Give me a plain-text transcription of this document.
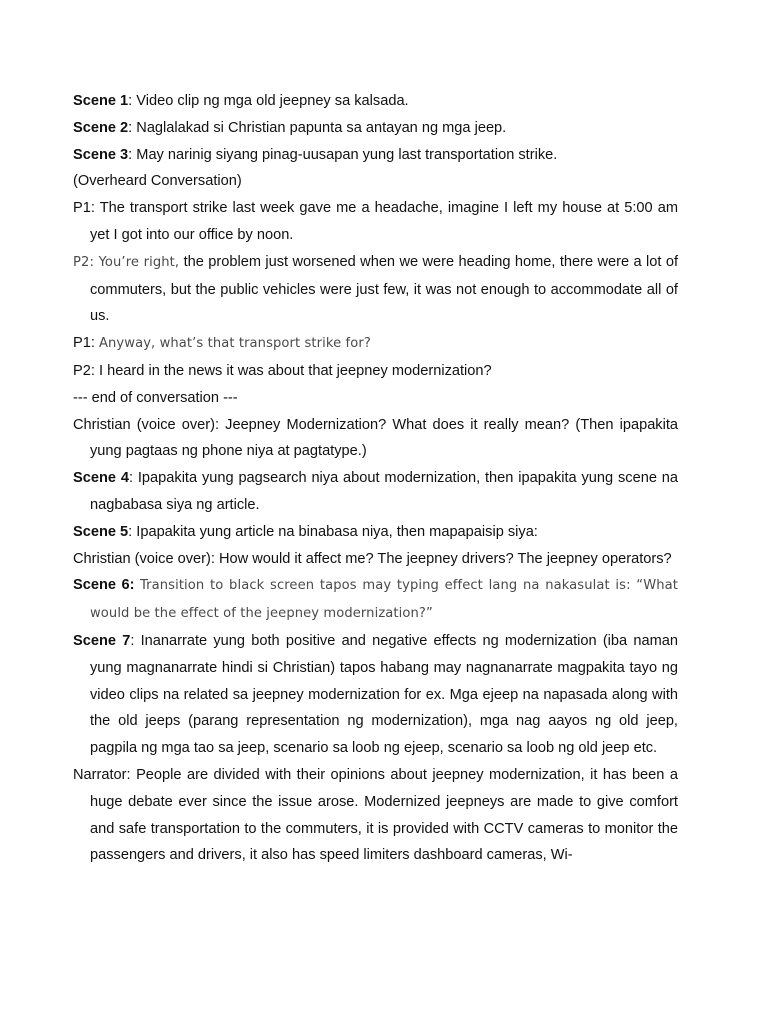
Scene 1: Video clip ng mga old jeepney sa kalsada.

Scene 2: Naglalakad si Christian papunta sa antayan ng mga jeep.

Scene 3: May narinig siyang pinag-uusapan yung last transportation strike.

(Overheard Conversation)

P1: The transport strike last week gave me a headache, imagine I left my house at 5:00 am yet I got into our office by noon.

P2: You’re right, the problem just worsened when we were heading home, there were a lot of commuters, but the public vehicles were just few, it was not enough to accommodate all of us.

P1: Anyway, what’s that transport strike for?

P2: I heard in the news it was about that jeepney modernization?

--- end of conversation ---

Christian (voice over): Jeepney Modernization? What does it really mean? (Then ipapakita yung pagtaas ng phone niya at pagtatype.)

Scene 4: Ipapakita yung pagsearch niya about modernization, then ipapakita yung scene na nagbabasa siya ng article.

Scene 5: Ipapakita yung article na binabasa niya, then mapapaisip siya:

Christian (voice over): How would it affect me? The jeepney drivers? The jeepney operators?

Scene 6: Transition to black screen tapos may typing effect lang na nakasulat is: “What would be the effect of the jeepney modernization?”

Scene 7: Inanarrate yung both positive and negative effects ng modernization (iba naman yung magnanarrate hindi si Christian) tapos habang may nagnanarrate magpakita tayo ng video clips na related sa jeepney modernization for ex. Mga ejeep na napasada along with the old jeeps (parang representation ng modernization), mga nag aayos ng old jeep, pagpila ng mga tao sa jeep, scenario sa loob ng ejeep, scenario sa loob ng old jeep etc.

Narrator: People are divided with their opinions about jeepney modernization, it has been a huge debate ever since the issue arose. Modernized jeepneys are made to give comfort and safe transportation to the commuters, it is provided with CCTV cameras to monitor the passengers and drivers, it also has speed limiters dashboard cameras, Wi-
